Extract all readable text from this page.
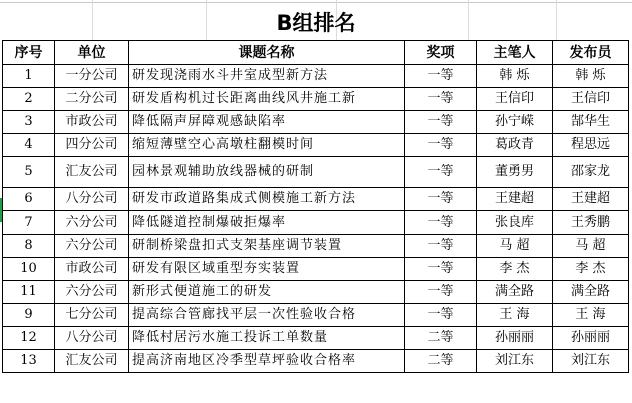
B组排名
序号	单位	课题名称	奖项	主笔人	发布员
1	一分公司	研发现浇雨水斗井室成型新方法	一等	韩 烁	韩 烁
2	二分公司	研发盾构机过长距离曲线风井施工新	一等	王信印	王信印
3	市政公司	降低隔声屏障观感缺陷率	一等	孙宁嵘	郜华生
4	四分公司	缩短薄壁空心高墩柱翻模时间	一等	葛政青	程思远
5	汇友公司	园林景观辅助放线器械的研制	一等	董勇男	邵家龙
6	八分公司	研发市政道路集成式侧模施工新方法	一等	王建超	王建超
7	六分公司	降低隧道控制爆破拒爆率	一等	张良库	王秀鹏
8	六分公司	研制桥梁盘扣式支架基座调节装置	一等	马 超	马 超
10	市政公司	研发有限区域重型夯实装置	一等	李 杰	李 杰
11	六分公司	新形式便道施工的研发	一等	满全路	满全路
9	七分公司	提高综合管廊找平层一次性验收合格	一等	王 海	王 海
12	八分公司	降低村居污水施工投诉工单数量	二等	孙丽丽	孙丽丽
13	汇友公司	提高济南地区冷季型草坪验收合格率	二等	刘江东	刘江东
